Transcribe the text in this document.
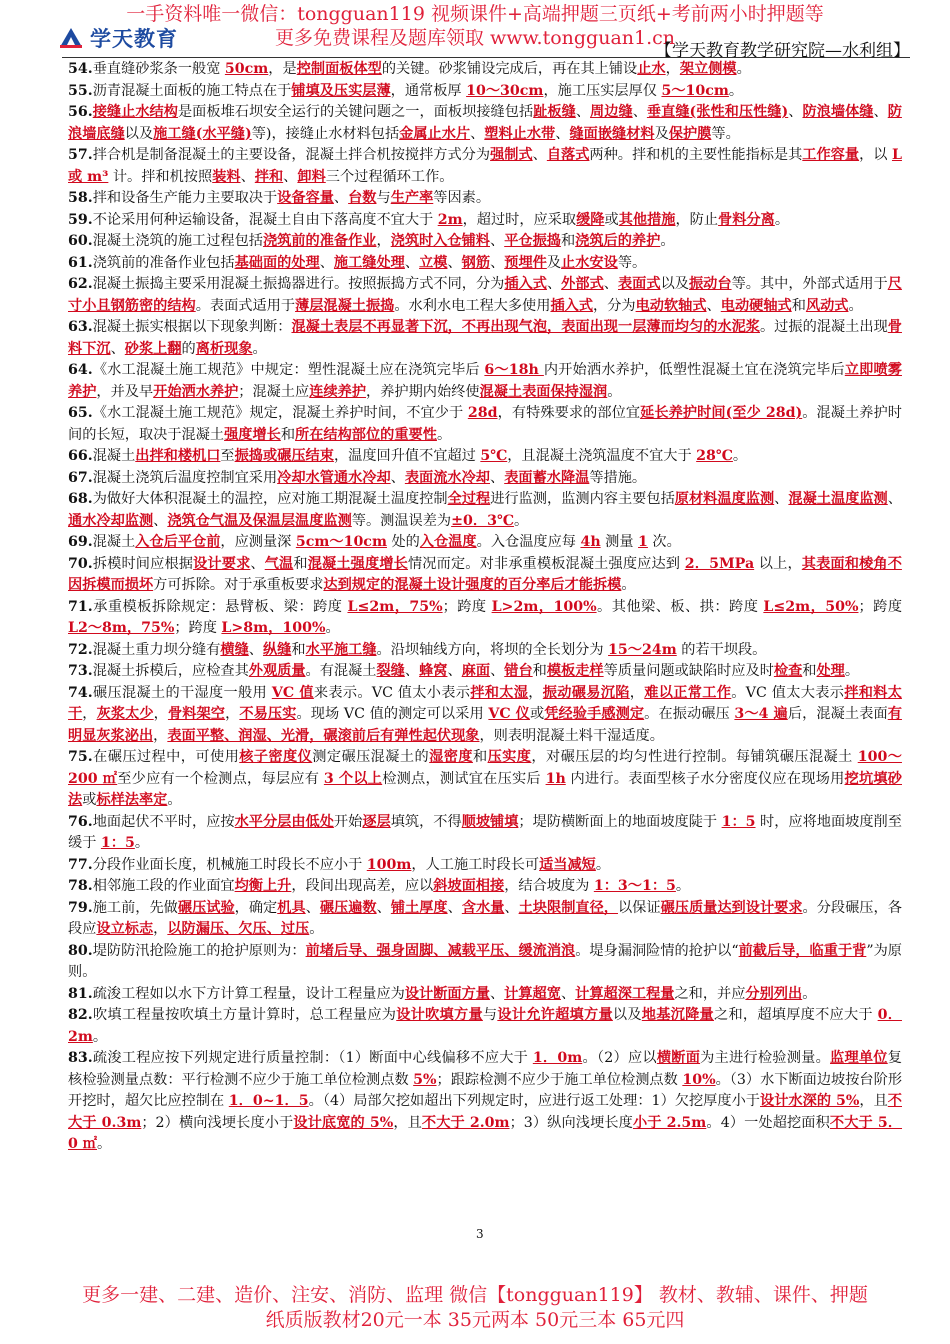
一手资料唯一微信：tongguan119 视频课件+高端押题三页纸+考前两小时押题等
更多免费课程及题库领取 www.tongguan1.cn
学天教育	【学天教育教学研究院—水利组】

54.垂直缝砂浆条一般宽 50cm，是控制面板体型的关键。砂浆铺设完成后，再在其上铺设止水，架立侧模。

55.沥青混凝土面板的施工特点在于铺填及压实层薄，通常板厚 10～30cm，施工压实层厚仅 5～10cm。

56.接缝止水结构是面板堆石坝安全运行的关键问题之一，面板坝接缝包括趾板缝、周边缝、垂直缝(张性和压性缝)、防浪墙体缝、防浪墙底缝以及施工缝(水平缝)等)，接缝止水材料包括金属止水片、塑料止水带、缝面嵌缝材料及保护膜等。

57.拌合机是制备混凝土的主要设备，混凝土拌合机按搅拌方式分为强制式、自落式两种。拌和机的主要性能指标是其工作容量，以 L 或 m³ 计。拌和机按照装料、拌和、卸料三个过程循环工作。

58.拌和设备生产能力主要取决于设备容量、台数与生产率等因素。

59.不论采用何种运输设备，混凝土自由下落高度不宜大于 2m，超过时，应采取缓降或其他措施，防止骨料分离。

60.混凝土浇筑的施工过程包括浇筑前的准备作业，浇筑时入仓铺料、平仓振捣和浇筑后的养护。

61.浇筑前的准备作业包括基础面的处理、施工缝处理、立模、钢筋、预埋件及止水安设等。

62.混凝土振捣主要采用混凝土振捣器进行。按照振捣方式不同，分为插入式、外部式、表面式以及振动台等。其中，外部式适用于尺寸小且钢筋密的结构。表面式适用于薄层混凝土振捣。水利水电工程大多使用插入式，分为电动软轴式、电动硬轴式和风动式。

63.混凝土振实根据以下现象判断：混凝土表层不再显著下沉，不再出现气泡，表面出现一层薄而均匀的水泥浆。过振的混凝土出现骨料下沉、砂浆上翻的离析现象。

64.《水工混凝土施工规范》中规定：塑性混凝土应在浇筑完毕后 6～18h 内开始洒水养护，低塑性混凝土宜在浇筑完毕后立即喷雾养护，并及早开始洒水养护；混凝土应连续养护，养护期内始终使混凝土表面保持湿润。

65.《水工混凝土施工规范》规定，混凝土养护时间，不宜少于 28d，有特殊要求的部位宜延长养护时间(至少 28d)。混凝土养护时间的长短，取决于混凝土强度增长和所在结构部位的重要性。

66.混凝土出拌和楼机口至振捣或碾压结束，温度回升值不宜超过 5℃，且混凝土浇筑温度不宜大于 28℃。

67.混凝土浇筑后温度控制宜采用冷却水管通水冷却、表面流水冷却、表面蓄水降温等措施。

68.为做好大体积混凝土的温控，应对施工期混凝土温度控制全过程进行监测，监测内容主要包括原材料温度监测、混凝土温度监测、通水冷却监测、浇筑仓气温及保温层温度监测等。测温误差为±0．3℃。

69.混凝土入仓后平仓前，应测量深 5cm～10cm 处的入仓温度。入仓温度应每 4h 测量 1 次。

70.拆模时间应根据设计要求、气温和混凝土强度增长情况而定。对非承重模板混凝土强度应达到 2．5MPa 以上，其表面和棱角不因拆模而损坏方可拆除。对于承重板要求达到规定的混凝土设计强度的百分率后才能拆模。

71.承重模板拆除规定：悬臂板、梁：跨度 L≤2m，75%；跨度 L>2m，100%。其他梁、板、拱：跨度 L≤2m，50%；跨度 L2～8m，75%；跨度 L>8m，100%。

72.混凝土重力坝分缝有横缝、纵缝和水平施工缝。沿坝轴线方向，将坝的全长划分为 15～24m 的若干坝段。

73.混凝土拆模后，应检查其外观质量。有混凝土裂缝、蜂窝、麻面、错台和模板走样等质量问题或缺陷时应及时检查和处理。

74.碾压混凝土的干湿度一般用 VC 值来表示。VC 值太小表示拌和太湿，振动碾易沉陷，难以正常工作。VC 值太大表示拌和料太干，灰浆太少，骨料架空，不易压实。现场 VC 值的测定可以采用 VC 仪或凭经验手感测定。在振动碾压 3～4 遍后，混凝土表面有明显灰浆泌出，表面平整、润湿、光滑，碾滚前后有弹性起伏现象，则表明混凝土料干湿适度。

75.在碾压过程中，可使用核子密度仪测定碾压混凝土的湿密度和压实度，对碾压层的均匀性进行控制。每铺筑碾压混凝土 100～200 ㎡至少应有一个检测点，每层应有 3 个以上检测点，测试宜在压实后 1h 内进行。表面型核子水分密度仪应在现场用挖坑填砂法或标样法率定。

76.地面起伏不平时，应按水平分层由低处开始逐层填筑，不得顺坡铺填；堤防横断面上的地面坡度陡于 1：5 时，应将地面坡度削至缓于 1：5。

77.分段作业面长度，机械施工时段长不应小于 100m，人工施工时段长可适当减短。

78.相邻施工段的作业面宜均衡上升，段间出现高差，应以斜坡面相接，结合坡度为 1：3～1：5。

79.施工前，先做碾压试验，确定机具、碾压遍数、铺土厚度、含水量、土块限制直径，以保证碾压质量达到设计要求。分段碾压，各段应设立标志，以防漏压、欠压、过压。

80.堤防防汛抢险施工的抢护原则为：前堵后导、强身固脚、减载平压、缓流消浪。堤身漏洞险情的抢护以“前截后导，临重于背”为原则。

81.疏浚工程如以水下方计算工程量，设计工程量应为设计断面方量、计算超宽、计算超深工程量之和，并应分别列出。

82.吹填工程量按吹填土方量计算时，总工程量应为设计吹填方量与设计允许超填方量以及地基沉降量之和，超填厚度不应大于 0．2m。

83.疏浚工程应按下列规定进行质量控制：（1）断面中心线偏移不应大于 1．0m。（2）应以横断面为主进行检验测量。监理单位复核检验测量点数：平行检测不应少于施工单位检测点数 5%；跟踪检测不应少于施工单位检测点数 10%。（3）水下断面边坡按台阶形开挖时，超欠比应控制在 1．0~1．5。（4）局部欠挖如超出下列规定时，应进行返工处理：1）欠挖厚度小于设计水深的 5%，且不大于 0.3m；2）横向浅埂长度小于设计底宽的 5%，且不大于 2.0m；3）纵向浅埂长度小于 2.5m。4）一处超挖面积不大于 5．0 ㎡。

3
更多一建、二建、造价、注安、消防、监理 微信【tongguan119】 教材、教辅、课件、押题
纸质版教材20元一本 35元两本 50元三本 65元四
